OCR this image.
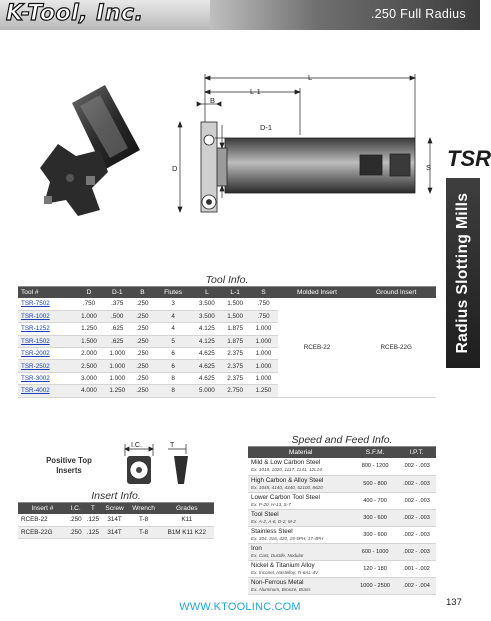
K-Tool, Inc.	.250 Full Radius
TSR
Radius Slotting Mills
L
L-1
B
D-1
D	S
Tool Info.
Tool #	D	D-1	B	Flutes	L	L-1	S	Molded Insert	Ground Insert
TSR-7502	.750	.375	.250	3	3.500	1.500	.750	RCEB-22	RCEB-22G
TSR-1002	1.000	.500	.250	4	3.500	1.500	.750		
TSR-1252	1.250	.625	.250	4	4.125	1.875	1.000		
TSR-1502	1.500	.625	.250	5	4.125	1.875	1.000		
TSR-2002	2.000	1.000	.250	6	4.625	2.375	1.000		
TSR-2502	2.500	1.000	.250	6	4.625	2.375	1.000		
TSR-3002	3.000	1.000	.250	8	4.625	2.375	1.000		
TSR-4002	4.000	1.250	.250	8	5.000	2.750	1.250		
Positive Top Inserts
I.C.	T
Insert Info.
Insert #	I.C.	T	Screw	Wrench	Grades
RCEB-22	.250	.125	314T	T-8	K11
RCEB-22G	.250	.125	314T	T-8	B1M K11 K22
Speed and Feed Info.
Material	S.F.M.	I.P.T.

Mild & Low Carbon Steel
Ex. 1018, 1020, 1117, 1141, 12L14	800 - 1200	.002 - .003

High Carbon & Alloy Steel
Ex. 1045, 4140, 4340, 52100, 8620	500 - 800	.002 - .003

Lower Carbon Tool Steel
Ex. P-20, H-13, S-7	400 - 700	.002 - .003

Tool Steel
Ex. A-2, A-6, D-2, M-2	300 - 600	.002 - .003

Stainless Steel
Ex. 304, 316, 420, 15-5PH, 17-4PH	300 - 600	.002 - .003

Iron
Ex. Cast, Ductile, Nodular	600 - 1000	.002 - .003

Nickel & Titanium Alloy
Ex. Inconel, Hastelloy, Ti-6AL-4V	120 - 180	.001 - .002

Non-Ferrous Metal
Ex. Aluminum, Bronze, Brass	1000 - 2500	.002 - .004
WWW.KTOOLINC.COM	137
